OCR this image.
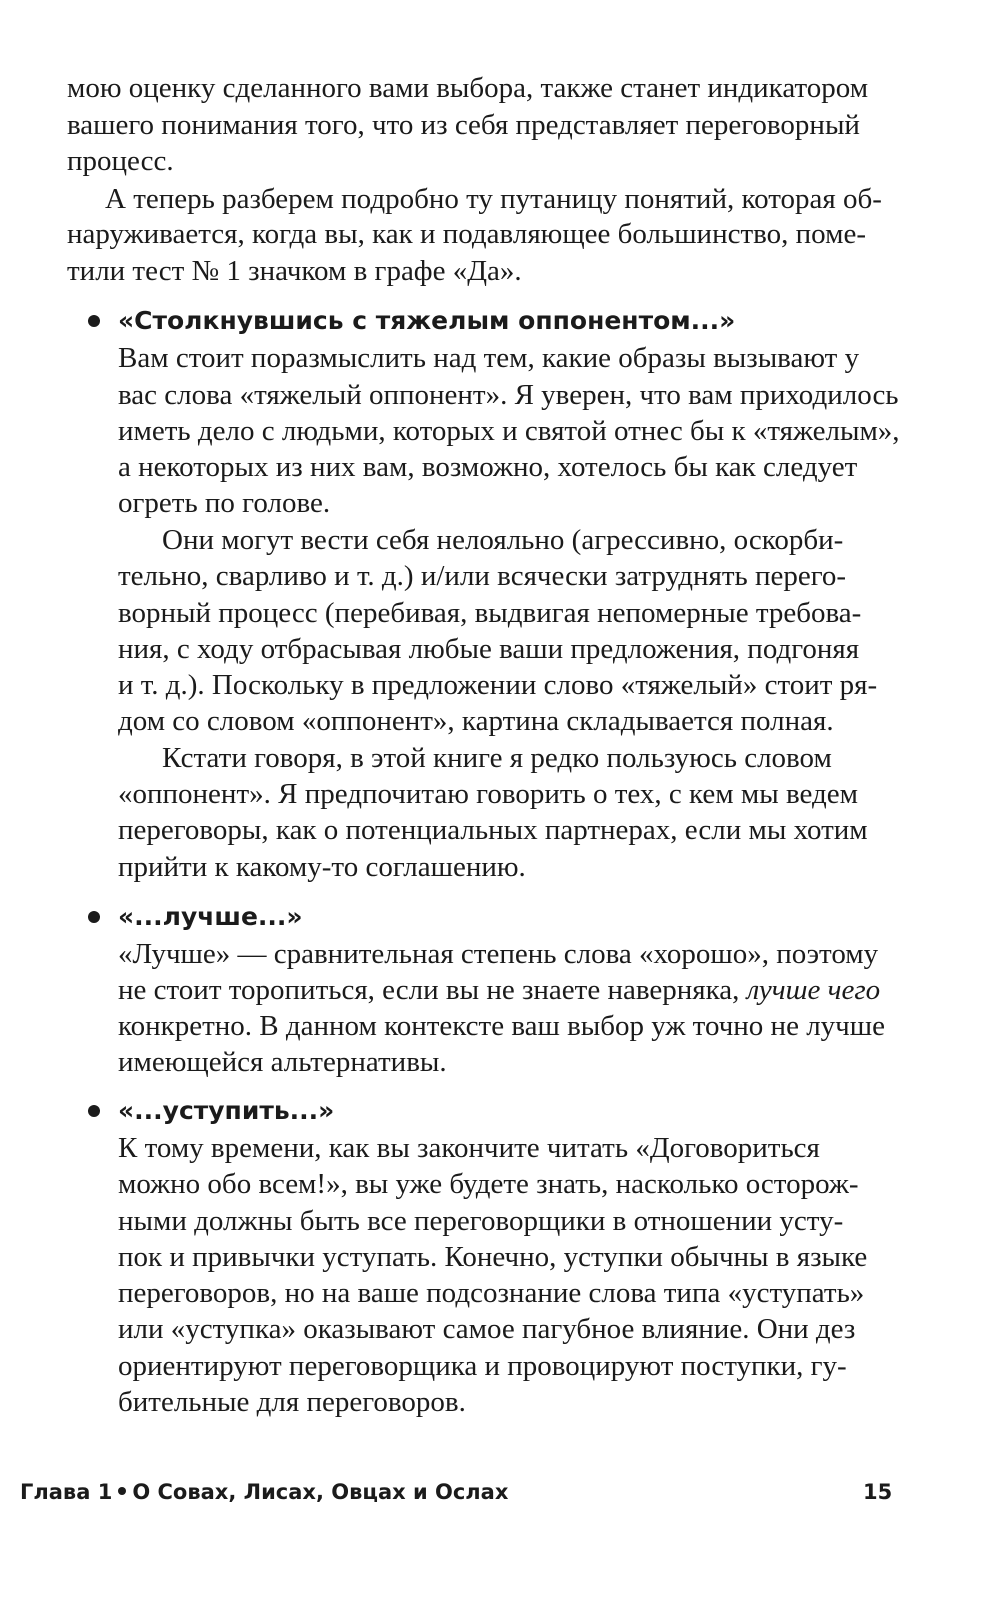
мою оценку сделанного вами выбора, также станет индикатором
вашего понимания того, что из себя представляет переговорный
процесс.
А теперь разберем подробно ту путаницу понятий, которая об-
наруживается, когда вы, как и подавляющее большинство, поме-
тили тест № 1 значком в графе «Да».
«Столкнувшись с тяжелым оппонентом...»
Вам стоит поразмыслить над тем, какие образы вызывают у
вас слова «тяжелый оппонент». Я уверен, что вам приходилось
иметь дело с людьми, которых и святой отнес бы к «тяжелым»,
а некоторых из них вам, возможно, хотелось бы как следует
огреть по голове.
Они могут вести себя нелояльно (агрессивно, оскорби-
тельно, сварливо и т. д.) и/или всячески затруднять перего-
ворный процесс (перебивая, выдвигая непомерные требова-
ния, с ходу отбрасывая любые ваши предложения, подгоняя
и т. д.). Поскольку в предложении слово «тяжелый» стоит ря-
дом со словом «оппонент», картина складывается полная.
Кстати говоря, в этой книге я редко пользуюсь словом
«оппонент». Я предпочитаю говорить о тех, с кем мы ведем
переговоры, как о потенциальных партнерах, если мы хотим
прийти к какому-то соглашению.
«...лучше...»
«Лучше» — сравнительная степень слова «хорошо», поэтому
не стоит торопиться, если вы не знаете наверняка, лучше чего
конкретно. В данном контексте ваш выбор уж точно не лучше
имеющейся альтернативы.
«...уступить...»
К тому времени, как вы закончите читать «Договориться
можно обо всем!», вы уже будете знать, насколько осторож-
ными должны быть все переговорщики в отношении усту-
пок и привычки уступать. Конечно, уступки обычны в языке
переговоров, но на ваше подсознание слова типа «уступать»
или «уступка» оказывают самое пагубное влияние. Они дез
ориентируют переговорщика и провоцируют поступки, гу-
бительные для переговоров.
Глава 1 О Совах, Лисах, Овцах и Ослах	15
